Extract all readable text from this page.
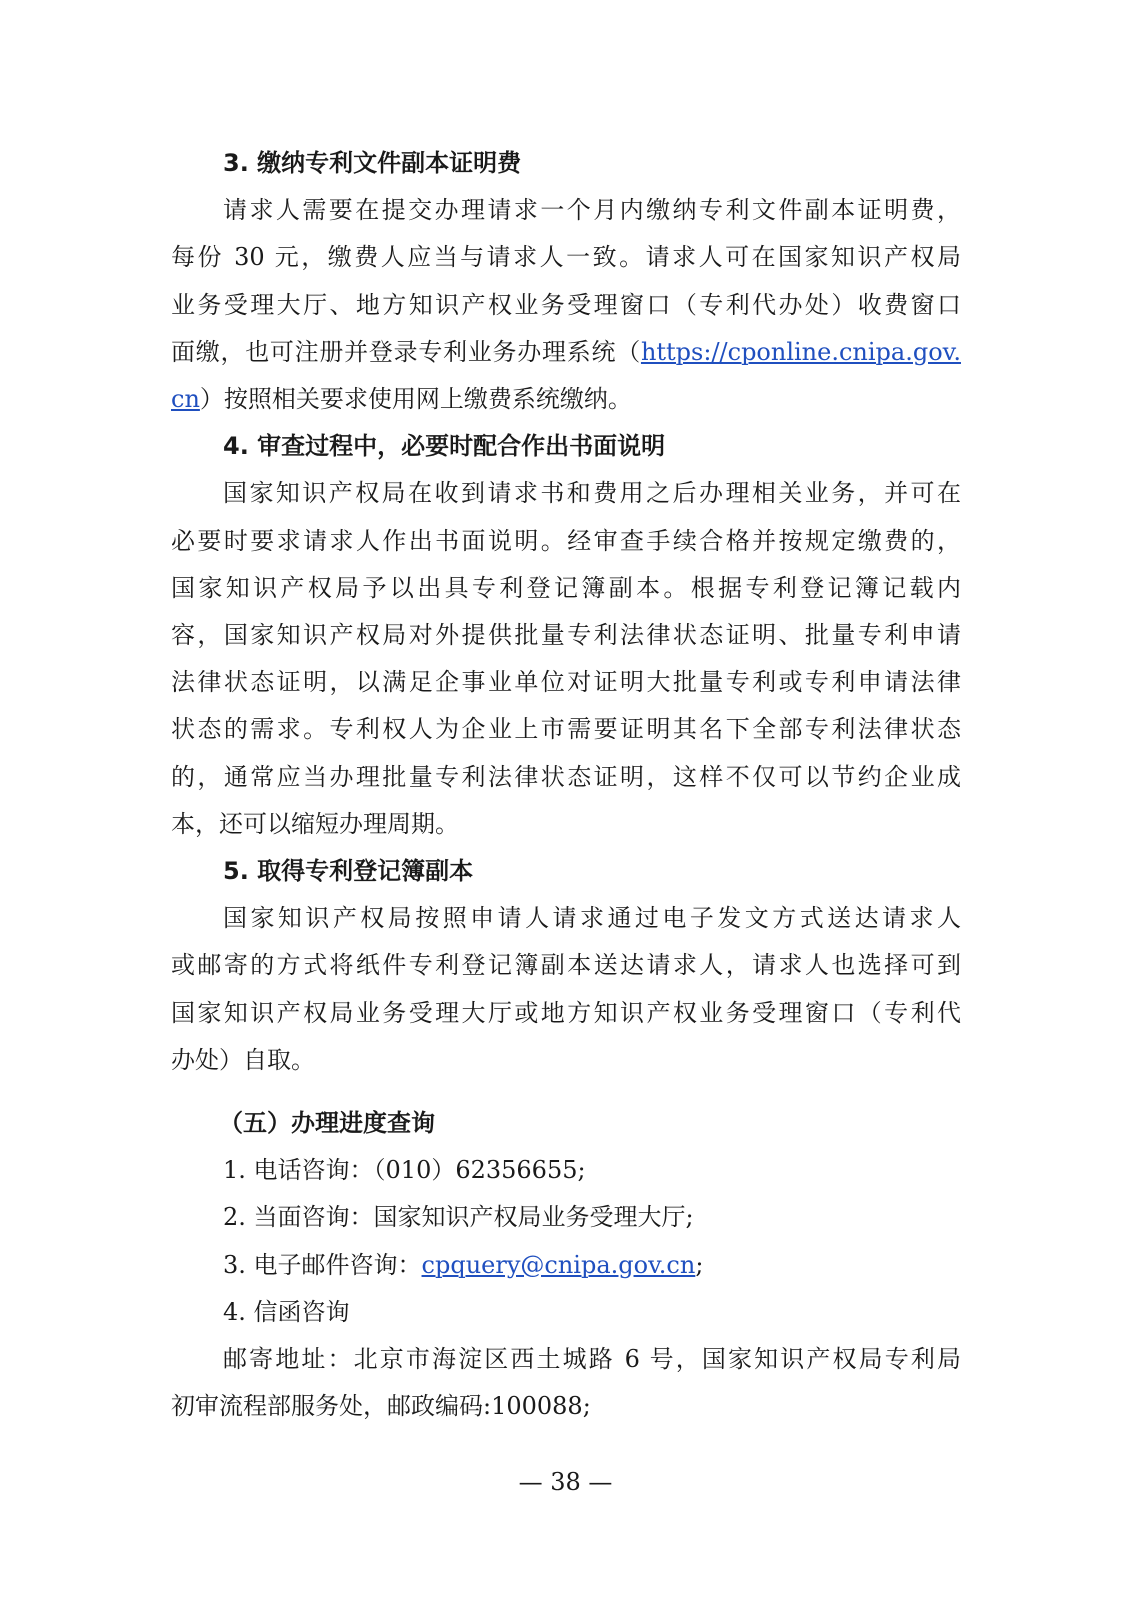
3. 缴纳专利文件副本证明费
请求人需要在提交办理请求一个月内缴纳专利文件副本证明费，
每份 30 元，缴费人应当与请求人一致。请求人可在国家知识产权局
业务受理大厅、地方知识产权业务受理窗口（专利代办处）收费窗口
面缴，也可注册并登录专利业务办理系统（https://cponline.cnipa.gov.
cn）按照相关要求使用网上缴费系统缴纳。
4. 审查过程中，必要时配合作出书面说明
国家知识产权局在收到请求书和费用之后办理相关业务，并可在
必要时要求请求人作出书面说明。经审查手续合格并按规定缴费的，
国家知识产权局予以出具专利登记簿副本。根据专利登记簿记载内
容，国家知识产权局对外提供批量专利法律状态证明、批量专利申请
法律状态证明，以满足企事业单位对证明大批量专利或专利申请法律
状态的需求。专利权人为企业上市需要证明其名下全部专利法律状态
的，通常应当办理批量专利法律状态证明，这样不仅可以节约企业成
本，还可以缩短办理周期。
5. 取得专利登记簿副本
国家知识产权局按照申请人请求通过电子发文方式送达请求人
或邮寄的方式将纸件专利登记簿副本送达请求人，请求人也选择可到
国家知识产权局业务受理大厅或地方知识产权业务受理窗口（专利代
办处）自取。
（五）办理进度查询
1. 电话咨询：（010）62356655;
2. 当面咨询：国家知识产权局业务受理大厅;
3. 电子邮件咨询：cpquery@cnipa.gov.cn;
4. 信函咨询
邮寄地址：北京市海淀区西土城路 6 号，国家知识产权局专利局
初审流程部服务处，邮政编码:100088;
— 38 —
